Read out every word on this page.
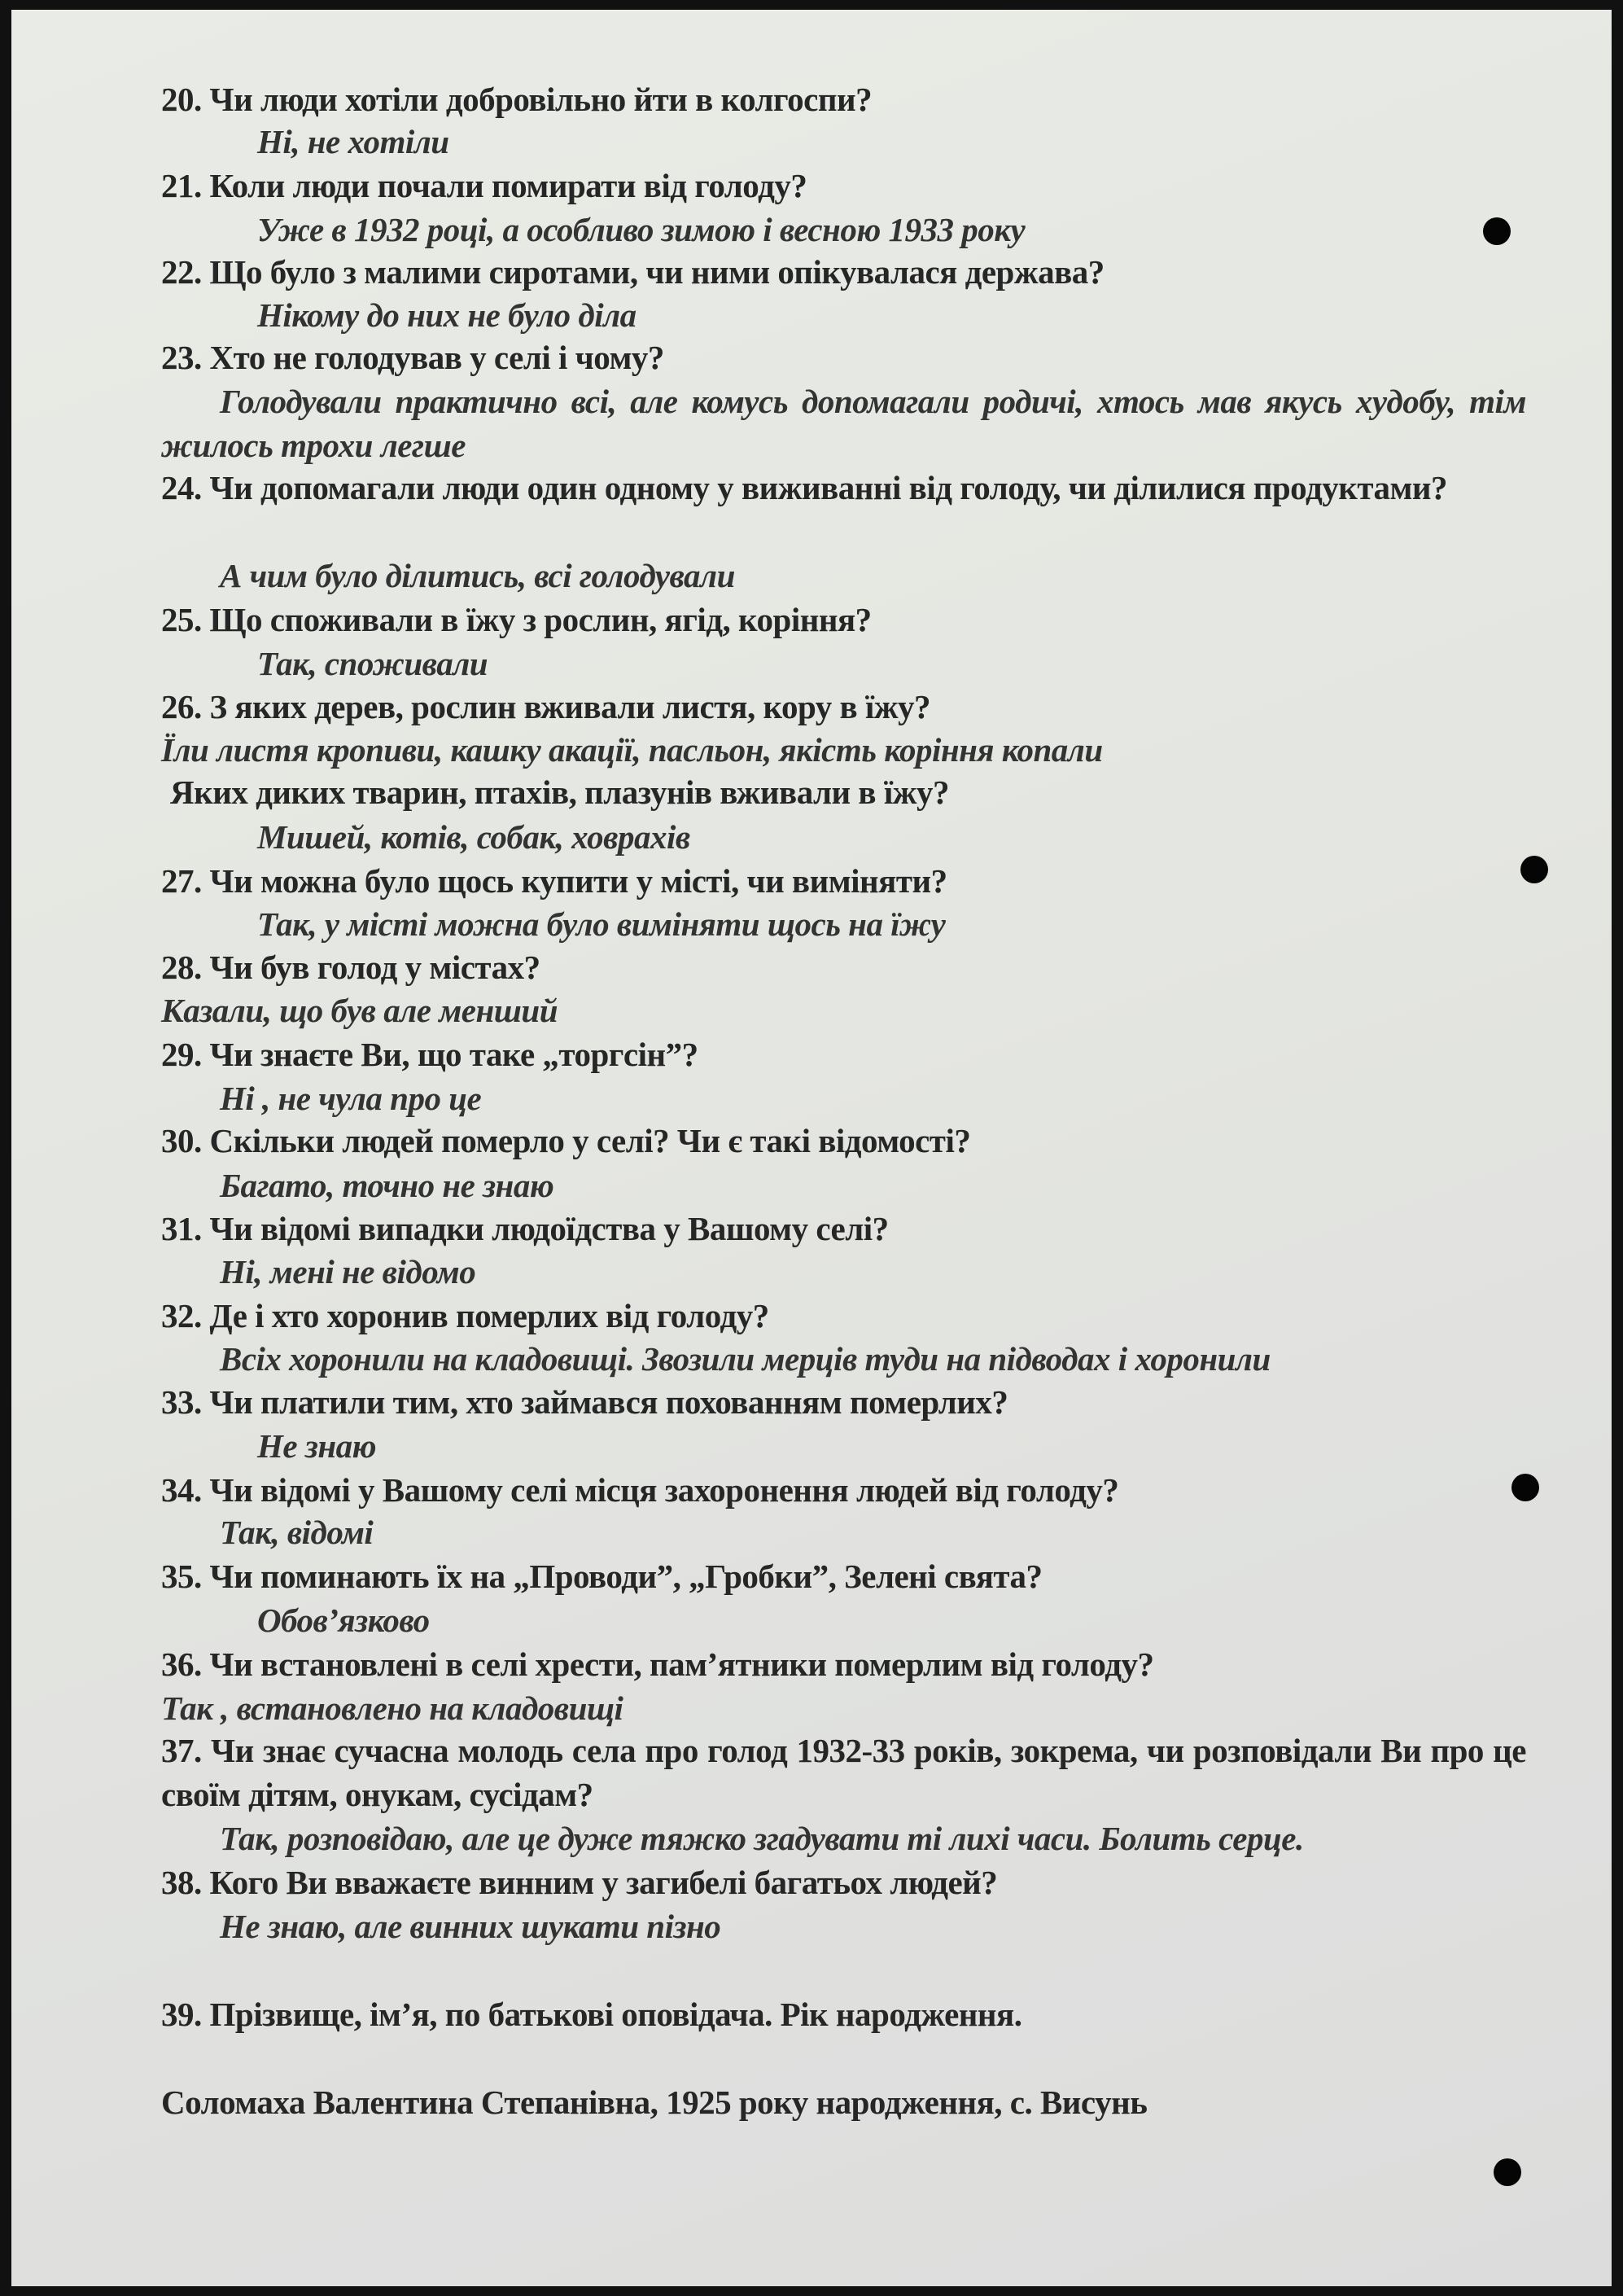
20. Чи люди хотіли добровільно йти в колгоспи?
Ні, не хотіли
21. Коли люди почали помирати від голоду?
Уже в 1932 році, а особливо зимою і весною 1933 року
22. Що було з малими сиротами, чи ними опікувалася держава?
Нікому до них не було діла
23. Хто не голодував у селі і чому?
Голодували практично всі, але комусь допомагали родичі, хтось мав якусь худобу, тім жилось трохи легше
24. Чи допомагали люди один одному у виживанні від голоду, чи ділилися продуктами?
А чим було ділитись, всі голодували
25. Що споживали в їжу з рослин, ягід, коріння?
Так, споживали
26. З яких дерев, рослин вживали листя, кору в їжу?
Їли листя кропиви, кашку акації, пасльон, якість коріння копали
Яких диких тварин, птахів, плазунів вживали в їжу?
Мишей, котів, собак, ховрахів
27. Чи можна було щось купити у місті, чи виміняти?
Так, у місті можна було виміняти щось на їжу
28. Чи був голод у містах?
Казали, що був але менший
29. Чи знаєте Ви, що таке „торгсін”?
Ні , не чула про це
30. Скільки людей померло у селі? Чи є такі відомості?
Багато, точно не знаю
31. Чи відомі випадки людоїдства у Вашому селі?
Ні, мені не відомо
32. Де і хто хоронив померлих від голоду?
Всіх хоронили на кладовищі. Звозили мерців туди на підводах і хоронили
33. Чи платили тим, хто займався похованням померлих?
Не знаю
34. Чи відомі у Вашому селі місця захоронення людей від голоду?
Так, відомі
35. Чи поминають їх на „Проводи”, „Гробки”, Зелені свята?
Обов’язково
36. Чи встановлені в селі хрести, пам’ятники померлим від голоду?
Так , встановлено на кладовищі
37. Чи знає сучасна молодь села про голод 1932-33 років, зокрема, чи розповідали Ви про це своїм дітям, онукам, сусідам?
Так, розповідаю, але це дуже тяжко згадувати ті лихі часи. Болить серце.
38. Кого Ви вважаєте винним у загибелі багатьох людей?
Не знаю, але винних шукати пізно
39. Прізвище, ім’я, по батькові оповідача. Рік народження.
Соломаха Валентина Степанівна, 1925 року народження, с. Висунь
